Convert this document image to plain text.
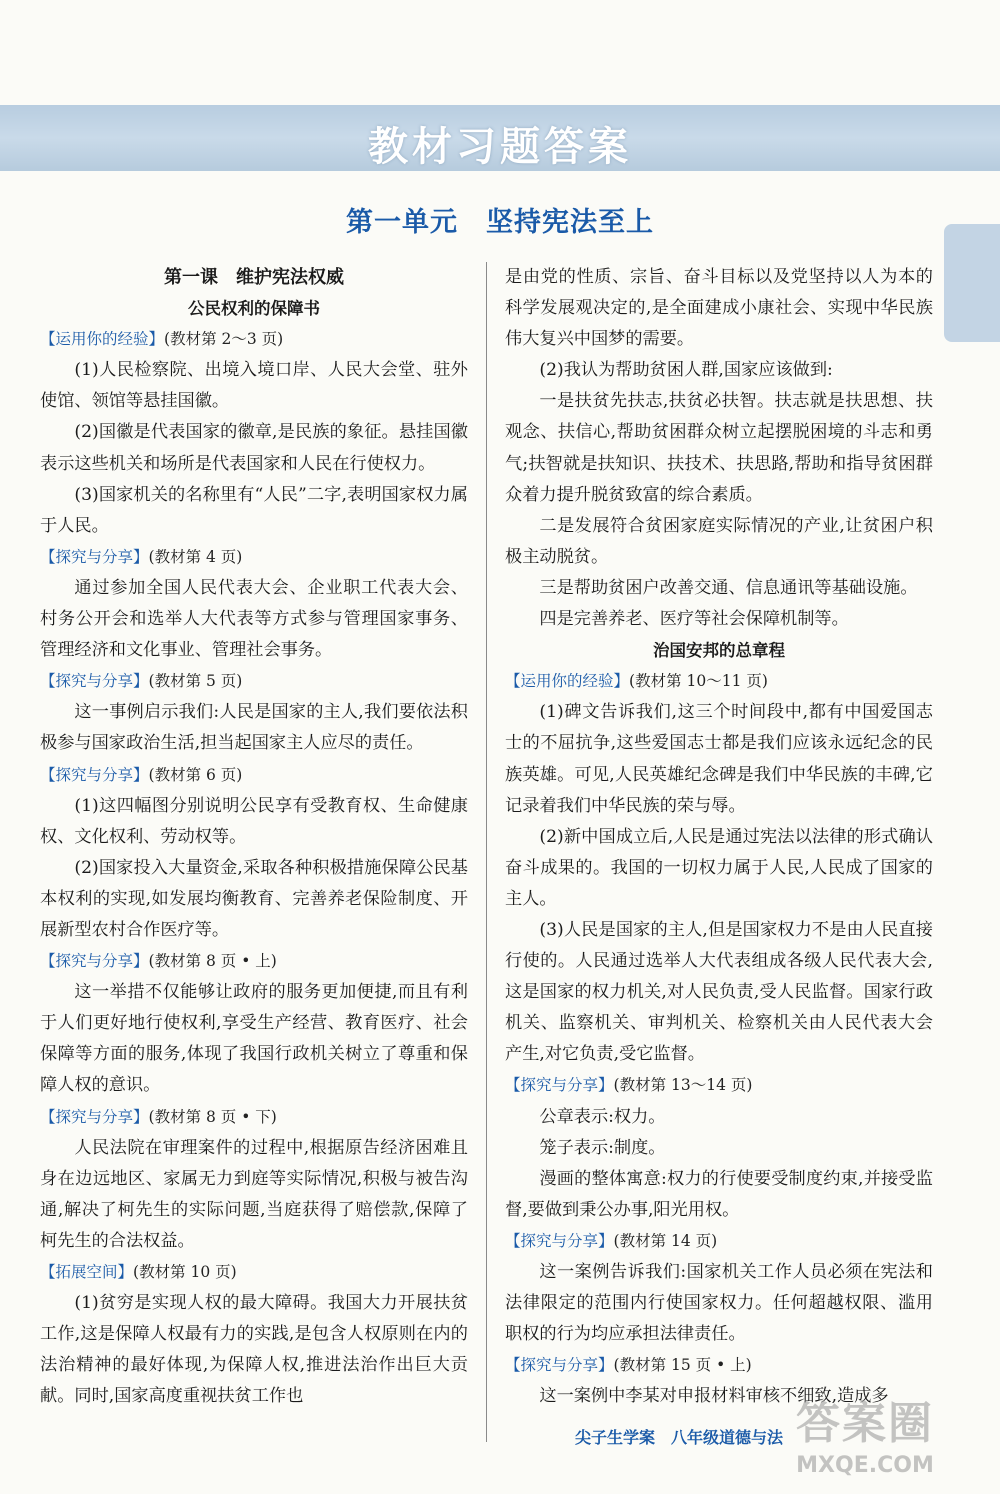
教材习题答案
第一单元　坚持宪法至上

第一课　维护宪法权威

公民权利的保障书

【运用你的经验】(教材第 2～3 页)

(1)人民检察院、出境入境口岸、人民大会堂、驻外使馆、领馆等悬挂国徽。

(2)国徽是代表国家的徽章,是民族的象征。悬挂国徽表示这些机关和场所是代表国家和人民在行使权力。

(3)国家机关的名称里有“人民”二字,表明国家权力属于人民。

【探究与分享】(教材第 4 页)

通过参加全国人民代表大会、企业职工代表大会、村务公开会和选举人大代表等方式参与管理国家事务、管理经济和文化事业、管理社会事务。

【探究与分享】(教材第 5 页)

这一事例启示我们:人民是国家的主人,我们要依法积极参与国家政治生活,担当起国家主人应尽的责任。

【探究与分享】(教材第 6 页)

(1)这四幅图分别说明公民享有受教育权、生命健康权、文化权利、劳动权等。

(2)国家投入大量资金,采取各种积极措施保障公民基本权利的实现,如发展均衡教育、完善养老保险制度、开展新型农村合作医疗等。

【探究与分享】(教材第 8 页 • 上)

这一举措不仅能够让政府的服务更加便捷,而且有利于人们更好地行使权利,享受生产经营、教育医疗、社会保障等方面的服务,体现了我国行政机关树立了尊重和保障人权的意识。

【探究与分享】(教材第 8 页 • 下)

人民法院在审理案件的过程中,根据原告经济困难且身在边远地区、家属无力到庭等实际情况,积极与被告沟通,解决了柯先生的实际问题,当庭获得了赔偿款,保障了柯先生的合法权益。

【拓展空间】(教材第 10 页)

(1)贫穷是实现人权的最大障碍。我国大力开展扶贫工作,这是保障人权最有力的实践,是包含人权原则在内的法治精神的最好体现,为保障人权,推进法治作出巨大贡献。同时,国家高度重视扶贫工作也

是由党的性质、宗旨、奋斗目标以及党坚持以人为本的科学发展观决定的,是全面建成小康社会、实现中华民族伟大复兴中国梦的需要。

(2)我认为帮助贫困人群,国家应该做到:

一是扶贫先扶志,扶贫必扶智。扶志就是扶思想、扶观念、扶信心,帮助贫困群众树立起摆脱困境的斗志和勇气;扶智就是扶知识、扶技术、扶思路,帮助和指导贫困群众着力提升脱贫致富的综合素质。

二是发展符合贫困家庭实际情况的产业,让贫困户积极主动脱贫。

三是帮助贫困户改善交通、信息通讯等基础设施。

四是完善养老、医疗等社会保障机制等。

治国安邦的总章程

【运用你的经验】(教材第 10～11 页)

(1)碑文告诉我们,这三个时间段中,都有中国爱国志士的不屈抗争,这些爱国志士都是我们应该永远纪念的民族英雄。可见,人民英雄纪念碑是我们中华民族的丰碑,它记录着我们中华民族的荣与辱。

(2)新中国成立后,人民是通过宪法以法律的形式确认奋斗成果的。我国的一切权力属于人民,人民成了国家的主人。

(3)人民是国家的主人,但是国家权力不是由人民直接行使的。人民通过选举人大代表组成各级人民代表大会,这是国家的权力机关,对人民负责,受人民监督。国家行政机关、监察机关、审判机关、检察机关由人民代表大会产生,对它负责,受它监督。

【探究与分享】(教材第 13～14 页)

公章表示:权力。

笼子表示:制度。

漫画的整体寓意:权力的行使要受制度约束,并接受监督,要做到秉公办事,阳光用权。

【探究与分享】(教材第 14 页)

这一案例告诉我们:国家机关工作人员必须在宪法和法律限定的范围内行使国家权力。任何超越权限、滥用职权的行为均应承担法律责任。

【探究与分享】(教材第 15 页 • 上)

这一案例中李某对申报材料审核不细致,造成多

尖子生学案　八年级道德与法 答案圈
MXQE.COM
